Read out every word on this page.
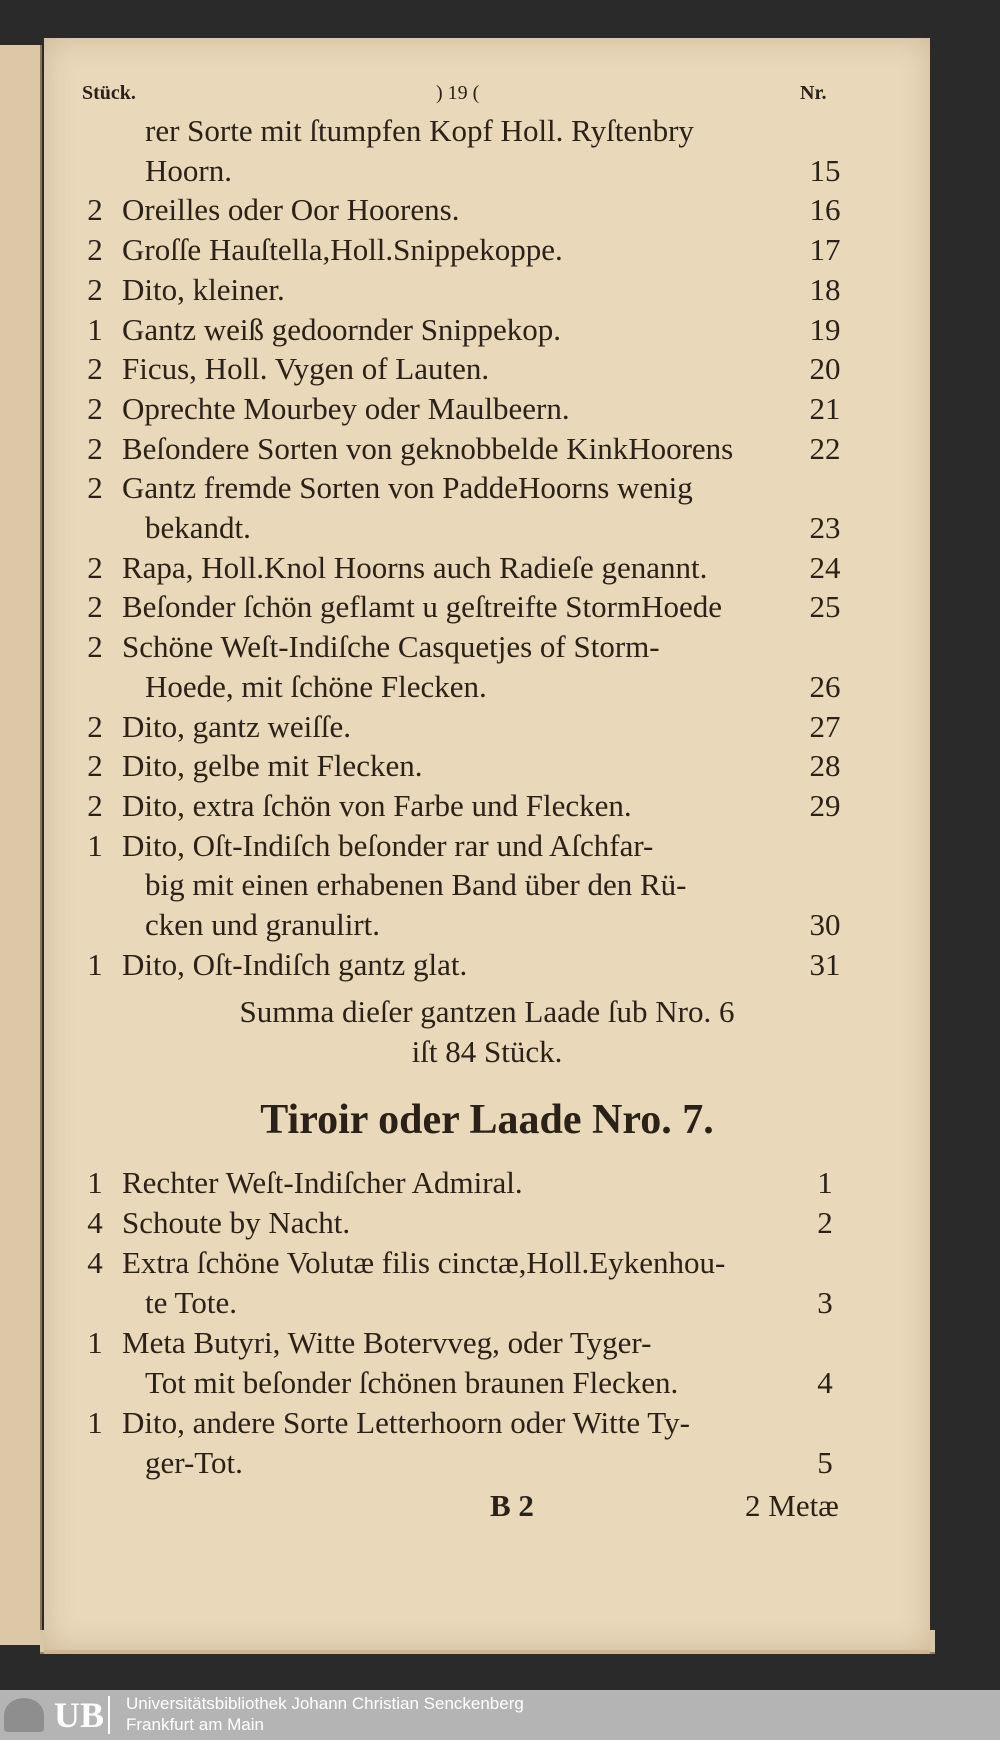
Stück.	) 19 (	Nr.
rer Sorte mit ſtumpfen Kopf Holl. Ryſtenbry
Hoorn.	15
2 Oreilles oder Oor Hoorens.	16
2 Groſſe Hauſtella,Holl.Snippekoppe.	17
2 Dito, kleiner.	18
1 Gantz weiß gedoornder Snippekop.	19
2 Ficus, Holl. Vygen of Lauten.	20
2 Oprechte Mourbey oder Maulbeern.	21
2 Beſondere Sorten von geknobbelde KinkHoorens	22
2 Gantz fremde Sorten von PaddeHoorns wenig
bekandt.	23
2 Rapa, Holl.Knol Hoorns auch Radieſe genannt.	24
2 Beſonder ſchön geflamt u geſtreifte StormHoede	25
2 Schöne Weſt-Indiſche Casquetjes of Storm-
Hoede, mit ſchöne Flecken.	26
2 Dito, gantz weiſſe.	27
2 Dito, gelbe mit Flecken.	28
2 Dito, extra ſchön von Farbe und Flecken.	29
1 Dito, Oſt-Indiſch beſonder rar und Aſchfar-
big mit einen erhabenen Band über den Rü-
cken und granulirt.	30
1 Dito, Oſt-Indiſch gantz glat.	31
Summa dieſer gantzen Laade ſub Nro. 6
iſt 84 Stück.
Tiroir oder Laade Nro. 7.
1 Rechter Weſt-Indiſcher Admiral.	1
4 Schoute by Nacht.	2
4 Extra ſchöne Volutæ filis cinctæ,Holl.Eykenhou-
te Tote.	3
1 Meta Butyri, Witte Botervveg, oder Tyger-
Tot mit beſonder ſchönen braunen Flecken.	4
1 Dito, andere Sorte Letterhoorn oder Witte Ty-
ger-Tot.	5
B 2	2 Metæ
UB	Universitätsbibliothek Johann Christian Senckenberg
Frankfurt am Main
